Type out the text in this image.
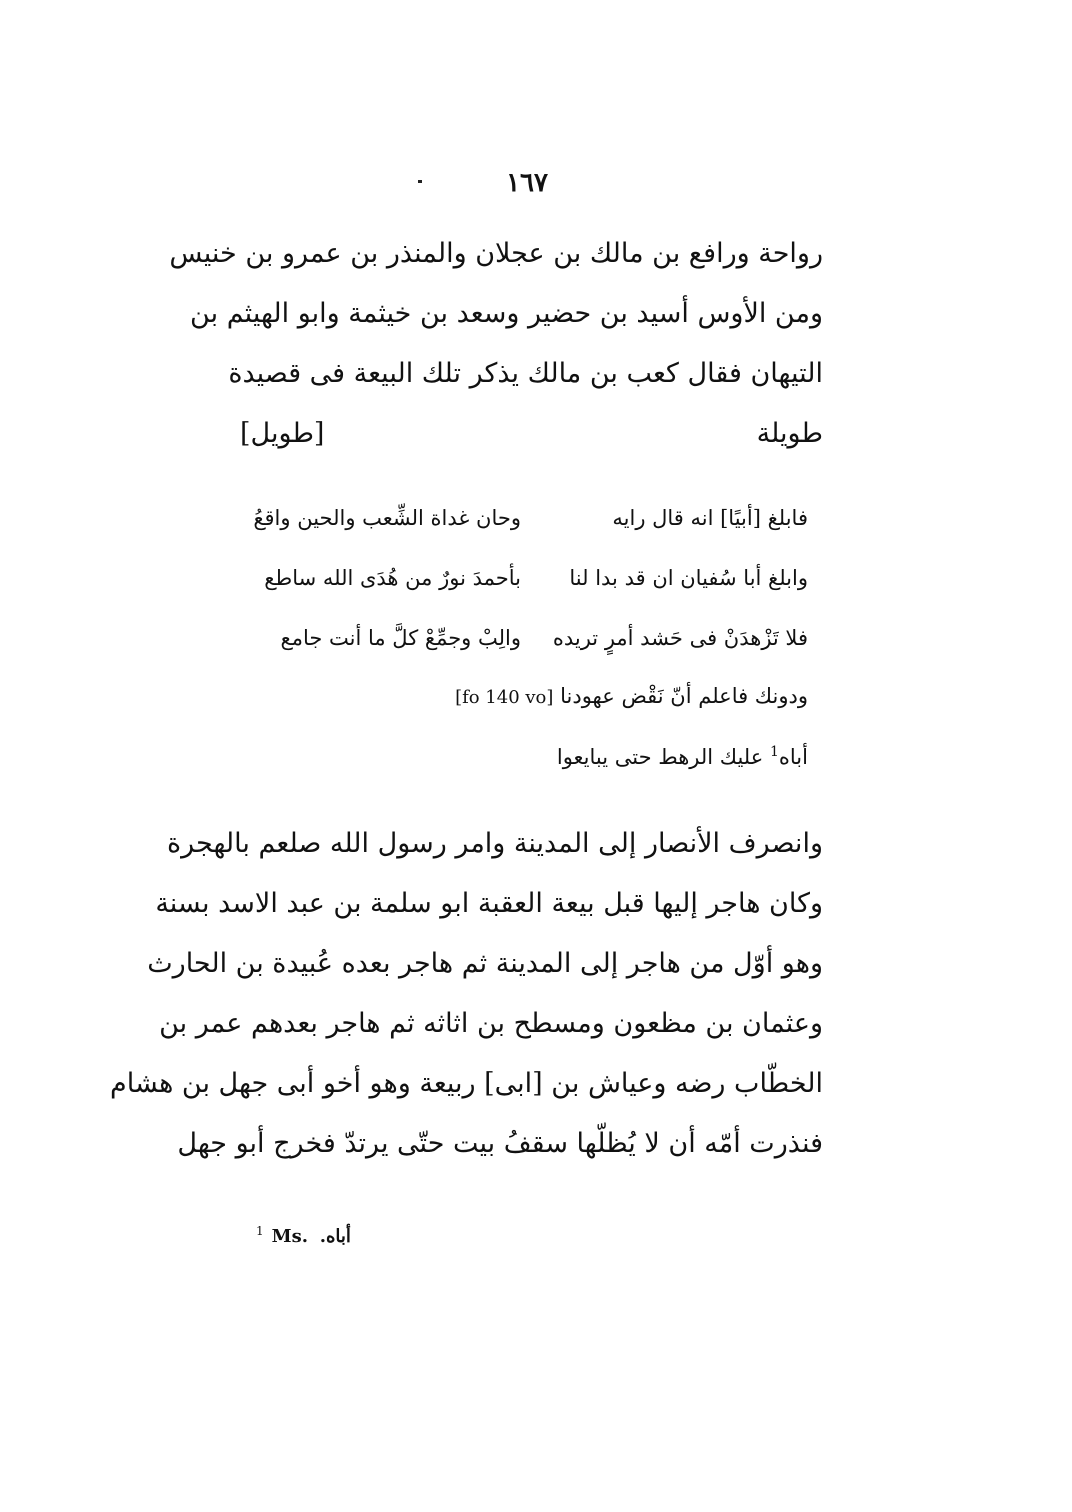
١٦٧
رواحة ورافع بن مالك بن عجلان والمنذر بن عمرو بن خنيس
ومن الأوس أسيد بن حضير وسعد بن خيثمة وابو الهيثم بن
التيهان فقال كعب بن مالك يذكر تلك البيعة فى قصيدة
طويلة
[طويل]
فابلغ [أبيًا] انه قال رايه
وحان غداة الشِّعب والحين واقعُ
وابلغ أبا سُفيان ان قد بدا لنا
بأحمدَ نورٌ من هُدَى الله ساطع
فلا تَزْهدَنْ فى حَشد أمرٍ تريده
والِبْ وجمِّعْ كلَّ ما أنت جامع
ودونك فاعلم أنّ نَقْض عهودنا [fo 140 vo]
أباه$^1$ عليك الرهط حتى يبايعوا
وانصرف الأنصار إلى المدينة وامر رسول الله صلعم بالهجرة
وكان هاجر إليها قبل بيعة العقبة ابو سلمة بن عبد الاسد بسنة
وهو أوّل من هاجر إلى المدينة ثم هاجر بعده عُبيدة بن الحارث
وعثمان بن مظعون ومسطح بن اثاثه ثم هاجر بعدهم عمر بن
الخطّاب رضه وعياش بن [ابى] ربيعة وهو أخو أبى جهل بن هشام
فنذرت أمّه أن لا يُظلّها سقفُ بيت حتّى يرتدّ فخرج أبو جهل
$^1$ Ms. أباه.
